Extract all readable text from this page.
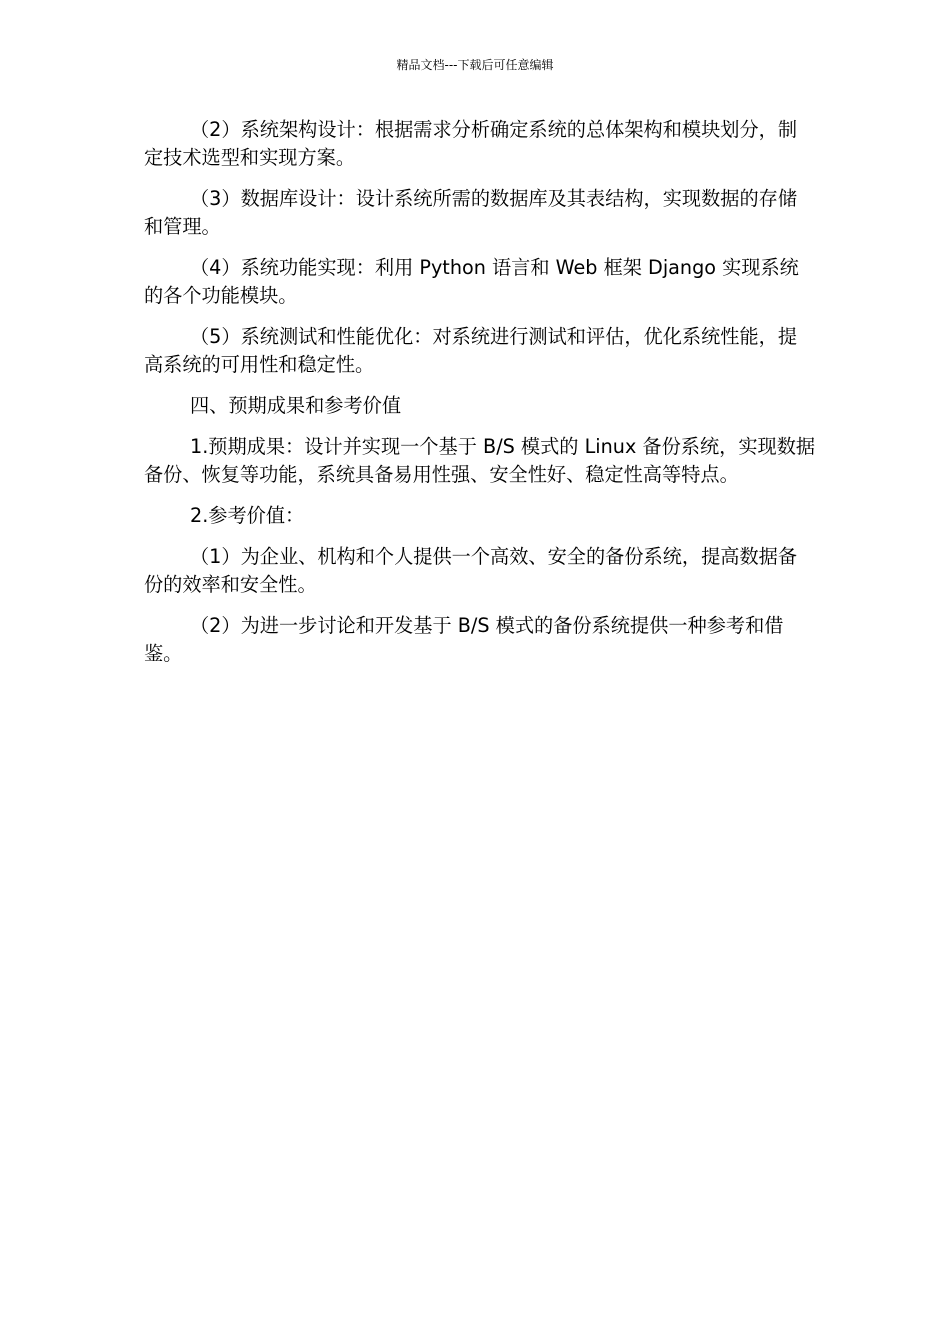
精品文档---下载后可任意编辑

（2）系统架构设计：根据需求分析确定系统的总体架构和模块划分，制定技术选型和实现方案。

（3）数据库设计：设计系统所需的数据库及其表结构，实现数据的存储和管理。

（4）系统功能实现：利用 Python 语言和 Web 框架 Django 实现系统的各个功能模块。

（5）系统测试和性能优化：对系统进行测试和评估，优化系统性能，提高系统的可用性和稳定性。

四、预期成果和参考价值

1.预期成果：设计并实现一个基于 B/S 模式的 Linux 备份系统，实现数据备份、恢复等功能，系统具备易用性强、安全性好、稳定性高等特点。

2.参考价值：

（1）为企业、机构和个人提供一个高效、安全的备份系统，提高数据备份的效率和安全性。

（2）为进一步讨论和开发基于 B/S 模式的备份系统提供一种参考和借鉴。
